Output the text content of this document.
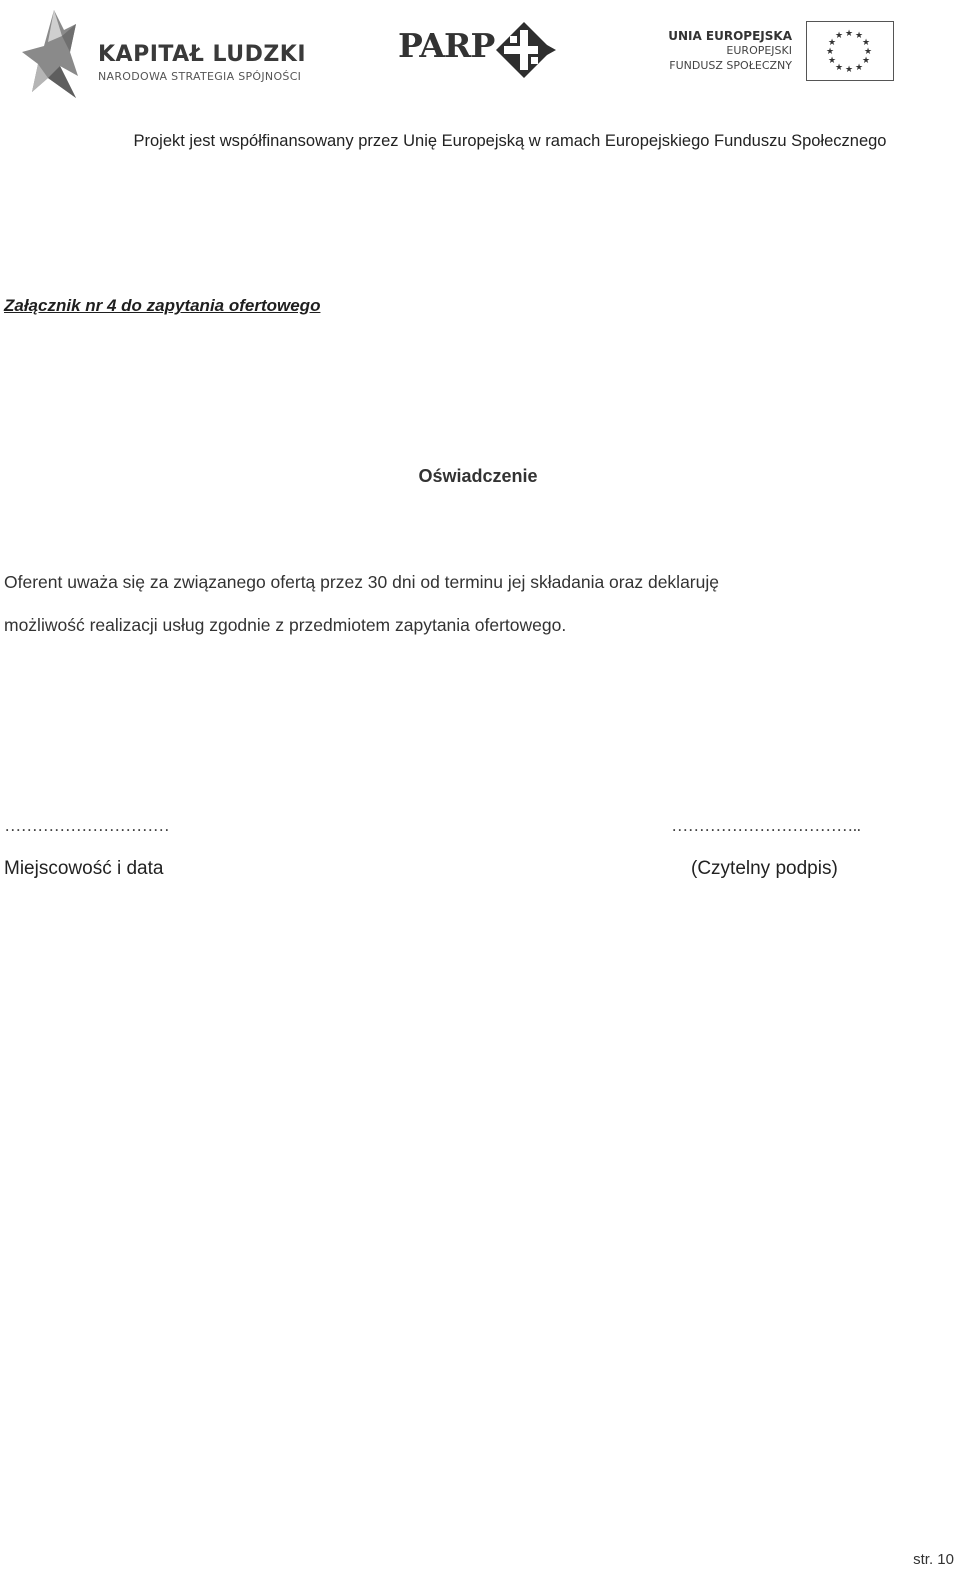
KAPITAŁ LUDZKI
NARODOWA STRATEGIA SPÓJNOŚCI
PARP	UNIA EUROPEJSKA
EUROPEJSKI
FUNDUSZ SPOŁECZNY
★ ★
★
★
★
★
★
★
★
★
★
★
Projekt jest współfinansowany przez Unię Europejską w ramach Europejskiego Funduszu Społecznego
Załącznik nr 4 do zapytania ofertowego
Oświadczenie
Oferent uważa się za związanego ofertą przez 30 dni od terminu jej składania oraz deklaruję
możliwość realizacji usług zgodnie z przedmiotem zapytania ofertowego.
…………………………	……………………………..
Miejscowość i data	(Czytelny podpis)
str. 10
